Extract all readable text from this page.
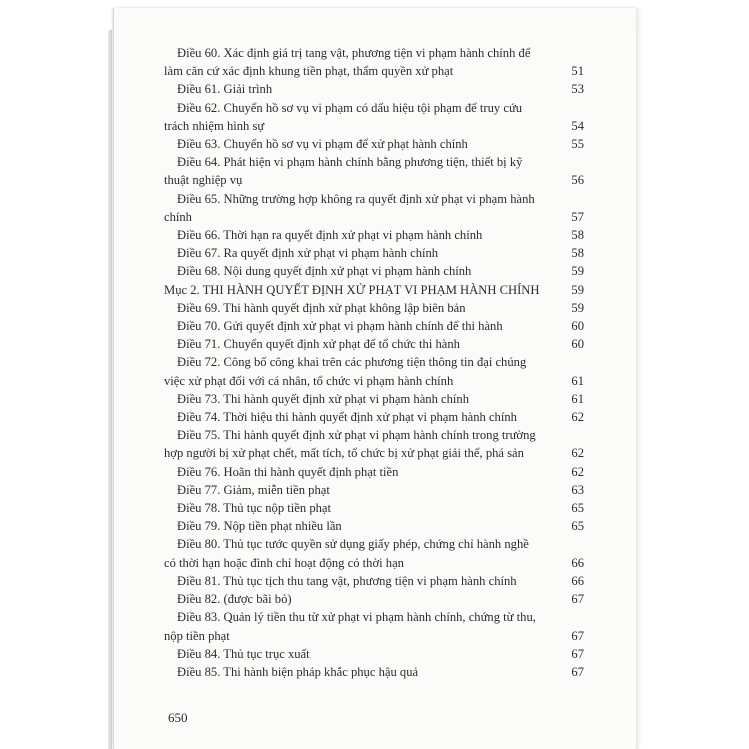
Điều 60. Xác định giá trị tang vật, phương tiện vi phạm hành chính để làm căn cứ xác định khung tiền phạt, thẩm quyền xử phạt	51
Điều 61. Giải trình	53
Điều 62. Chuyển hồ sơ vụ vi phạm có dấu hiệu tội phạm để truy cứu trách nhiệm hình sự	54
Điều 63. Chuyển hồ sơ vụ vi phạm để xử phạt hành chính	55
Điều 64. Phát hiện vi phạm hành chính bằng phương tiện, thiết bị kỹ thuật nghiệp vụ	56
Điều 65. Những trường hợp không ra quyết định xử phạt vi phạm hành chính	57
Điều 66. Thời hạn ra quyết định xử phạt vi phạm hành chính	58
Điều 67. Ra quyết định xử phạt vi phạm hành chính	58
Điều 68. Nội dung quyết định xử phạt vi phạm hành chính	59
Mục 2. THI HÀNH QUYẾT ĐỊNH XỬ PHẠT VI PHẠM HÀNH CHÍNH	59
Điều 69. Thi hành quyết định xử phạt không lập biên bản	59
Điều 70. Gửi quyết định xử phạt vi phạm hành chính để thi hành	60
Điều 71. Chuyển quyết định xử phạt để tổ chức thi hành	60
Điều 72. Công bố công khai trên các phương tiện thông tin đại chúng việc xử phạt đối với cá nhân, tổ chức vi phạm hành chính	61
Điều 73. Thi hành quyết định xử phạt vi phạm hành chính	61
Điều 74. Thời hiệu thi hành quyết định xử phạt vi phạm hành chính	62
Điều 75. Thi hành quyết định xử phạt vi phạm hành chính trong trường hợp người bị xử phạt chết, mất tích, tổ chức bị xử phạt giải thể, phá sản	62
Điều 76. Hoãn thi hành quyết định phạt tiền	62
Điều 77. Giảm, miễn tiền phạt	63
Điều 78. Thủ tục nộp tiền phạt	65
Điều 79. Nộp tiền phạt nhiều lần	65
Điều 80. Thủ tục tước quyền sử dụng giấy phép, chứng chỉ hành nghề có thời hạn hoặc đình chỉ hoạt động có thời hạn	66
Điều 81. Thủ tục tịch thu tang vật, phương tiện vi phạm hành chính	66
Điều 82. (được bãi bỏ)	67
Điều 83. Quản lý tiền thu từ xử phạt vi phạm hành chính, chứng từ thu, nộp tiền phạt	67
Điều 84. Thủ tục trục xuất	67
Điều 85. Thi hành biện pháp khắc phục hậu quả	67
650
